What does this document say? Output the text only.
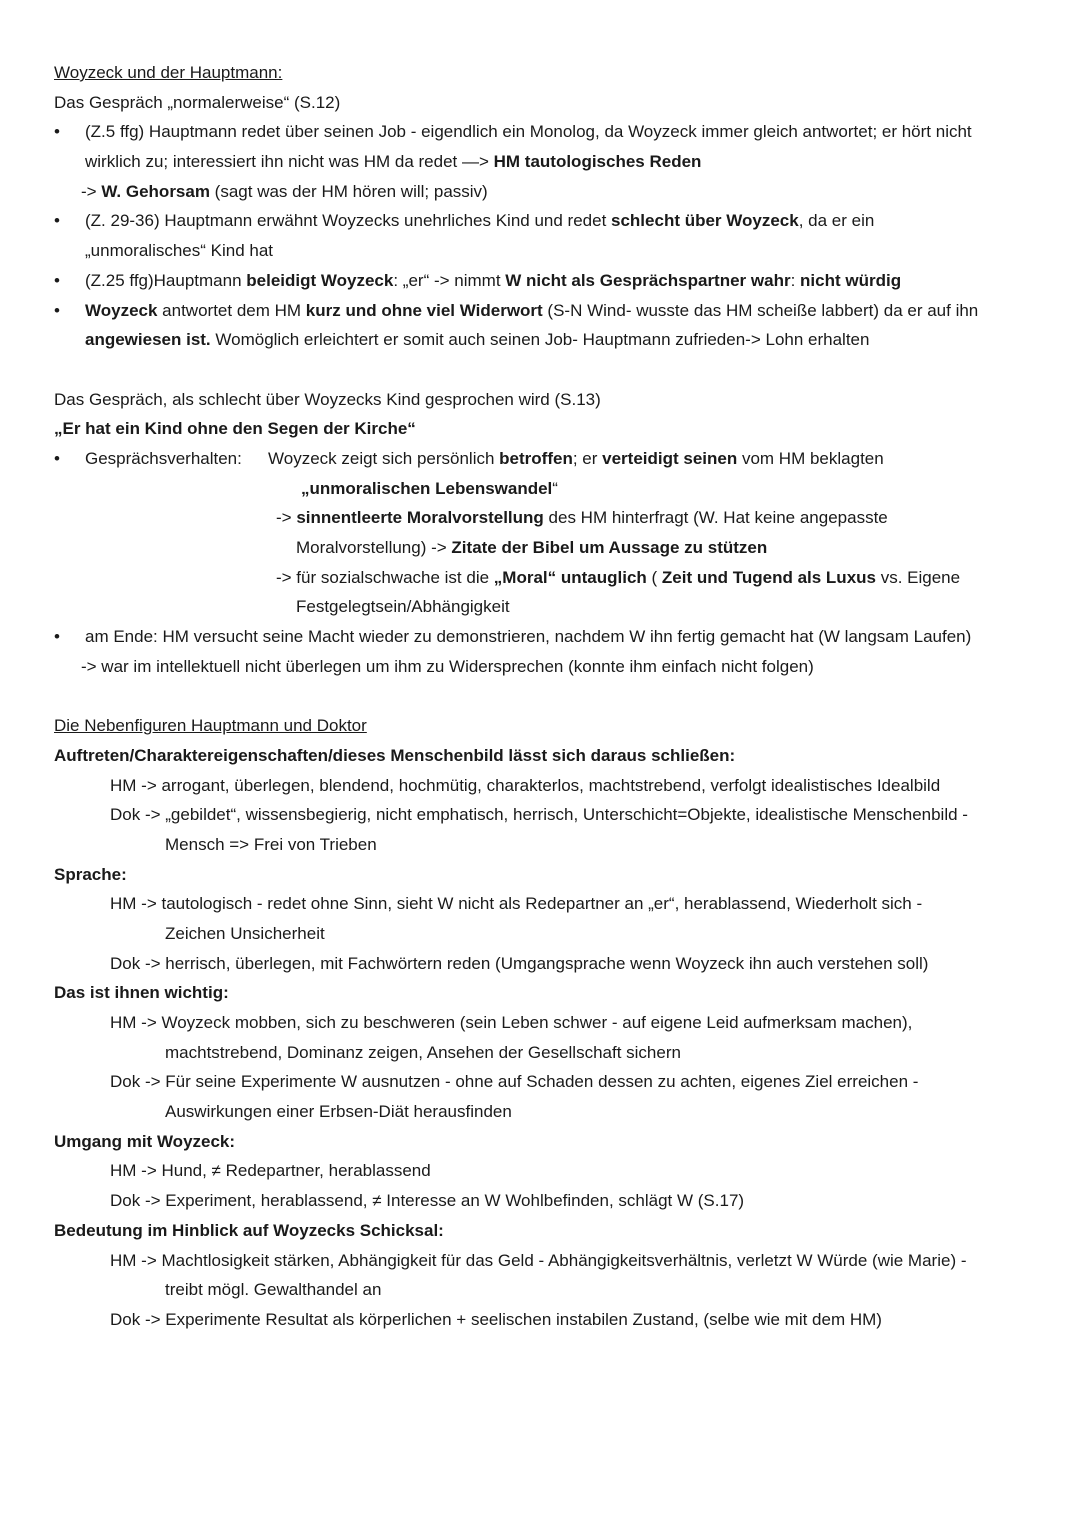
Woyzeck und der Hauptmann:
Das Gespräch „normalerweise“ (S.12)
• (Z.5 ffg) Hauptmann redet über seinen Job - eigendlich ein Monolog, da Woyzeck immer gleich antwortet; er hört nicht
wirklich zu; interessiert ihn nicht was HM da redet —> HM tautologisches Reden
-> W. Gehorsam (sagt was der HM hören will; passiv)
• (Z. 29-36) Hauptmann erwähnt Woyzecks unehrliches Kind und redet schlecht über Woyzeck, da er ein
„unmoralisches“ Kind hat
• (Z.25 ffg)Hauptmann beleidigt Woyzeck: „er“ -> nimmt W nicht als Gesprächspartner wahr: nicht würdig
• Woyzeck antwortet dem HM kurz und ohne viel Widerwort (S-N Wind- wusste das HM scheiße labbert) da er auf ihn
angewiesen ist. Womöglich erleichtert er somit auch seinen Job- Hauptmann zufrieden-> Lohn erhalten
Das Gespräch, als schlecht über Woyzecks Kind gesprochen wird (S.13)
„Er hat ein Kind ohne den Segen der Kirche“
• Gesprächsverhalten: Woyzeck zeigt sich persönlich betroffen; er verteidigt seinen vom HM beklagten
„unmoralischen Lebenswandel“
-> sinnentleerte Moralvorstellung des HM hinterfragt (W. Hat keine angepasste
Moralvorstellung) -> Zitate der Bibel um Aussage zu stützen
-> für sozialschwache ist die „Moral“ untauglich ( Zeit und Tugend als Luxus vs. Eigene
Festgelegtsein/Abhängigkeit
• am Ende: HM versucht seine Macht wieder zu demonstrieren, nachdem W ihn fertig gemacht hat (W langsam Laufen)
-> war im intellektuell nicht überlegen um ihm zu Widersprechen (konnte ihm einfach nicht folgen)
Die Nebenfiguren Hauptmann und Doktor
Auftreten/Charaktereigenschaften/dieses Menschenbild lässt sich daraus schließen:
HM -> arrogant, überlegen, blendend, hochmütig, charakterlos, machtstrebend, verfolgt idealistisches Idealbild
Dok -> „gebildet“, wissensbegierig, nicht emphatisch, herrisch, Unterschicht=Objekte, idealistische Menschenbild -
Mensch => Frei von Trieben
Sprache:
HM -> tautologisch - redet ohne Sinn, sieht W nicht als Redepartner an „er“, herablassend, Wiederholt sich -
Zeichen Unsicherheit
Dok -> herrisch, überlegen, mit Fachwörtern reden (Umgangsprache wenn Woyzeck ihn auch verstehen soll)
Das ist ihnen wichtig:
HM -> Woyzeck mobben, sich zu beschweren (sein Leben schwer - auf eigene Leid aufmerksam machen),
machtstrebend, Dominanz zeigen, Ansehen der Gesellschaft sichern
Dok -> Für seine Experimente W ausnutzen - ohne auf Schaden dessen zu achten, eigenes Ziel erreichen -
Auswirkungen einer Erbsen-Diät herausfinden
Umgang mit Woyzeck:
HM -> Hund, ≠ Redepartner, herablassend
Dok -> Experiment, herablassend, ≠ Interesse an W Wohlbefinden, schlägt W (S.17)
Bedeutung im Hinblick auf Woyzecks Schicksal:
HM -> Machtlosigkeit stärken, Abhängigkeit für das Geld - Abhängigkeitsverhältnis, verletzt W Würde (wie Marie) -
treibt mögl. Gewalthandel an
Dok -> Experimente Resultat als körperlichen + seelischen instabilen Zustand, (selbe wie mit dem HM)
